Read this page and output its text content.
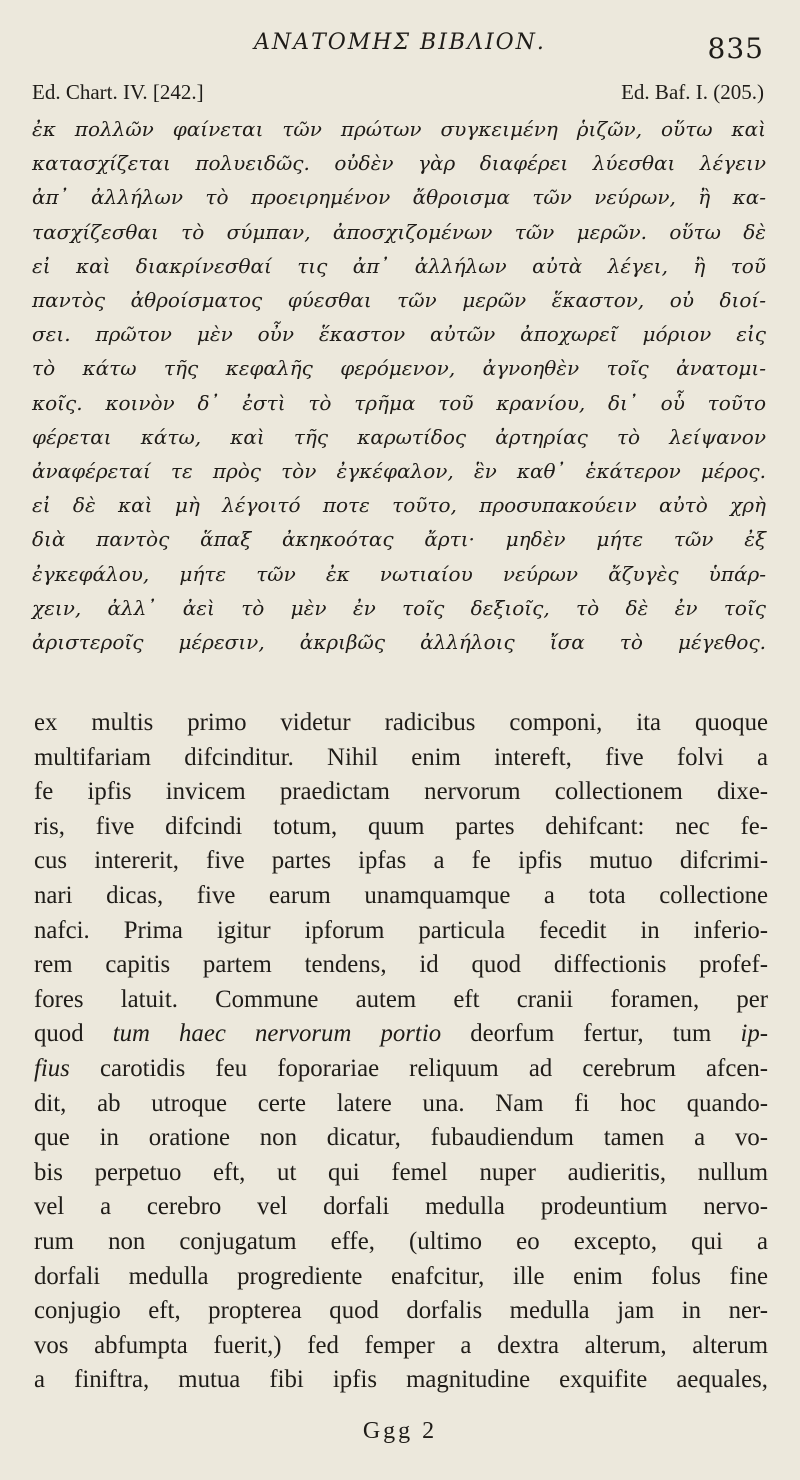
ΑΝΑΤΟΜΗΣ ΒΙΒΛΙΟΝ.	835
Ed. Chart. IV. [242.]	Ed. Baf. I. (205.)
ἐκ πολλῶν φαίνεται τῶν πρώτων συγκειμένη ῥιζῶν, οὕτω καὶ
κατασχίζεται πολυειδῶς. οὐδὲν γὰρ διαφέρει λύεσθαι λέγειν
ἀπ᾽ ἀλλήλων τὸ προειρημένον ἄθροισμα τῶν νεύρων, ἢ κα-
τασχίζεσθαι τὸ σύμπαν, ἀποσχιζομένων τῶν μερῶν. οὕτω δὲ
εἰ καὶ διακρίνεσθαί τις ἀπ᾽ ἀλλήλων αὐτὰ λέγει, ἢ τοῦ
παντὸς ἀθροίσματος φύεσθαι τῶν μερῶν ἕκαστον, οὐ διοί-
σει. πρῶτον μὲν οὖν ἕκαστον αὐτῶν ἀποχωρεῖ μόριον εἰς
τὸ κάτω τῆς κεφαλῆς φερόμενον, ἀγνοηθὲν τοῖς ἀνατομι-
κοῖς. κοινὸν δ᾽ ἐστὶ τὸ τρῆμα τοῦ κρανίου, δι᾽ οὗ τοῦτο
φέρεται κάτω, καὶ τῆς καρωτίδος ἀρτηρίας τὸ λείψανον
ἀναφέρεταί τε πρὸς τὸν ἐγκέφαλον, ἓν καθ᾽ ἑκάτερον μέρος.
εἰ δὲ καὶ μὴ λέγοιτό ποτε τοῦτο, προσυπακούειν αὐτὸ χρὴ
διὰ παντὸς ἅπαξ ἀκηκοότας ἄρτι· μηδὲν μήτε τῶν ἐξ
ἐγκεφάλου, μήτε τῶν ἐκ νωτιαίου νεύρων ἄζυγὲς ὑπάρ-
χειν, ἀλλ᾽ ἀεὶ τὸ μὲν ἐν τοῖς δεξιοῖς, τὸ δὲ ἐν τοῖς
ἀριστεροῖς μέρεσιν, ἀκριβῶς ἀλλήλοις ἴσα τὸ μέγεθος.
ex multis primo videtur radicibus componi, ita quoque
multifariam difcinditur. Nihil enim intereft, five folvi a
fe ipfis invicem praedictam nervorum collectionem dixe-
ris, five difcindi totum, quum partes dehifcant: nec fe-
cus intererit, five partes ipfas a fe ipfis mutuo difcrimi-
nari dicas, five earum unamquamque a tota collectione
nafci. Prima igitur ipforum particula fecedit in inferio-
rem capitis partem tendens, id quod diffectionis profef-
fores latuit. Commune autem eft cranii foramen, per
quod tum haec nervorum portio deorfum fertur, tum ip-
fius carotidis feu foporariae reliquum ad cerebrum afcen-
dit, ab utroque certe latere una. Nam fi hoc quando-
que in oratione non dicatur, fubaudiendum tamen a vo-
bis perpetuo eft, ut qui femel nuper audieritis, nullum
vel a cerebro vel dorfali medulla prodeuntium nervo-
rum non conjugatum effe, (ultimo eo excepto, qui a
dorfali medulla progrediente enafcitur, ille enim folus fine
conjugio eft, propterea quod dorfalis medulla jam in ner-
vos abfumpta fuerit,) fed femper a dextra alterum, alterum
a finiftra, mutua fibi ipfis magnitudine exquifite aequales,
Ggg 2
